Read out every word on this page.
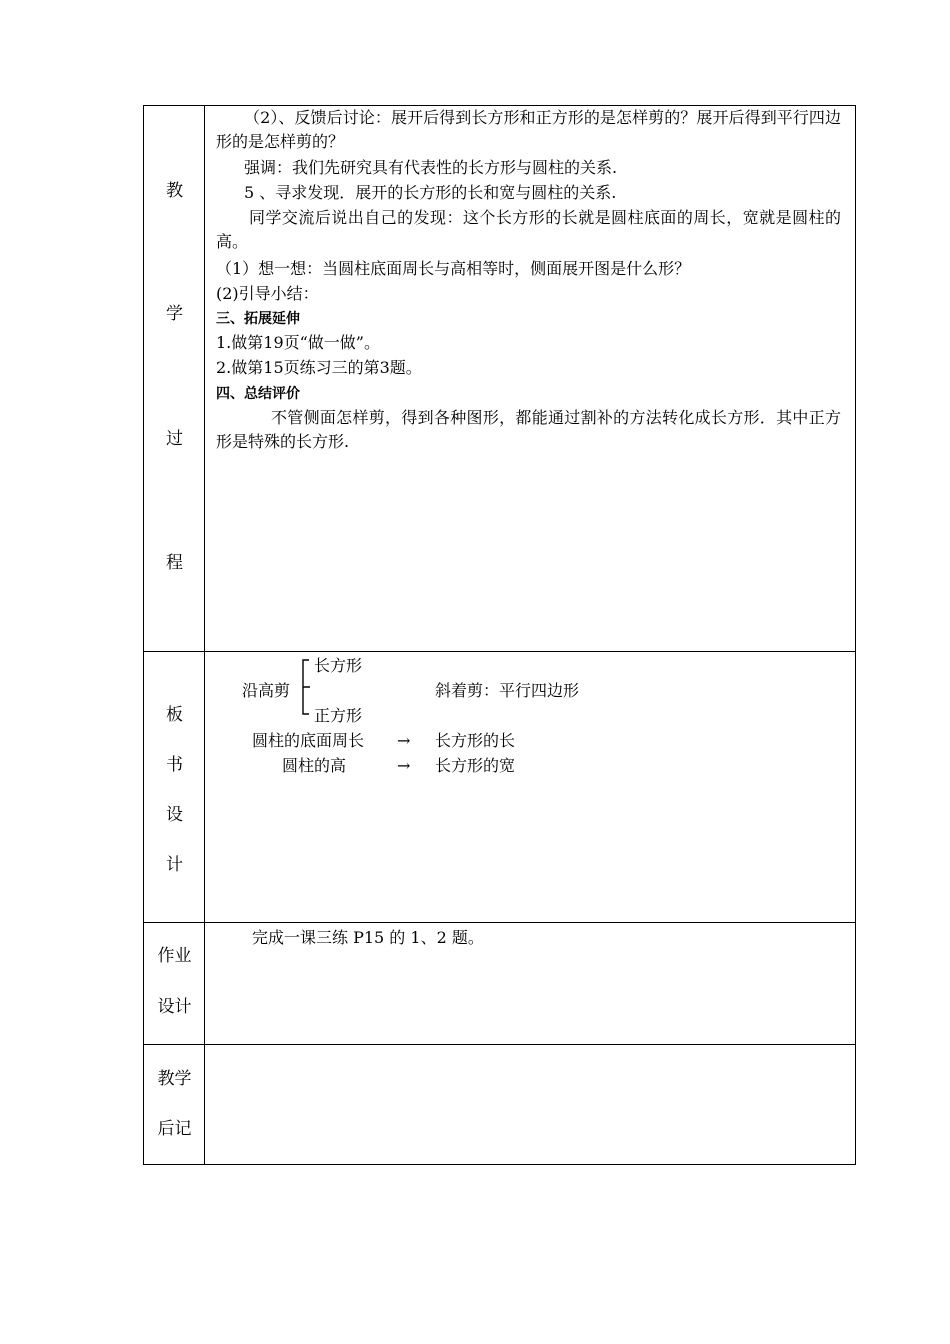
教
学
过
程
（2）、反馈后讨论：展开后得到长方形和正方形的是怎样剪的？展开后得到平行四边形的是怎样剪的？
强调：我们先研究具有代表性的长方形与圆柱的关系.
5 、寻求发现．展开的长方形的长和宽与圆柱的关系.
同学交流后说出自己的发现：这个长方形的长就是圆柱底面的周长，宽就是圆柱的高。
（1）想一想：当圆柱底面周长与高相等时，侧面展开图是什么形？
(2)引导小结：
三、拓展延伸
1.做第19页“做一做”。
2.做第15页练习三的第3题。
四、总结评价
不管侧面怎样剪，得到各种图形，都能通过割补的方法转化成长方形．其中正方形是特殊的长方形.
板
书
设
计
长方形
沿高剪	斜着剪：平行四边形
正方形
圆柱的底面周长 → 长方形的长
圆柱的高	→ 长方形的宽
作业
设计
完成一课三练 P15 的 1、2 题。
教学
后记
